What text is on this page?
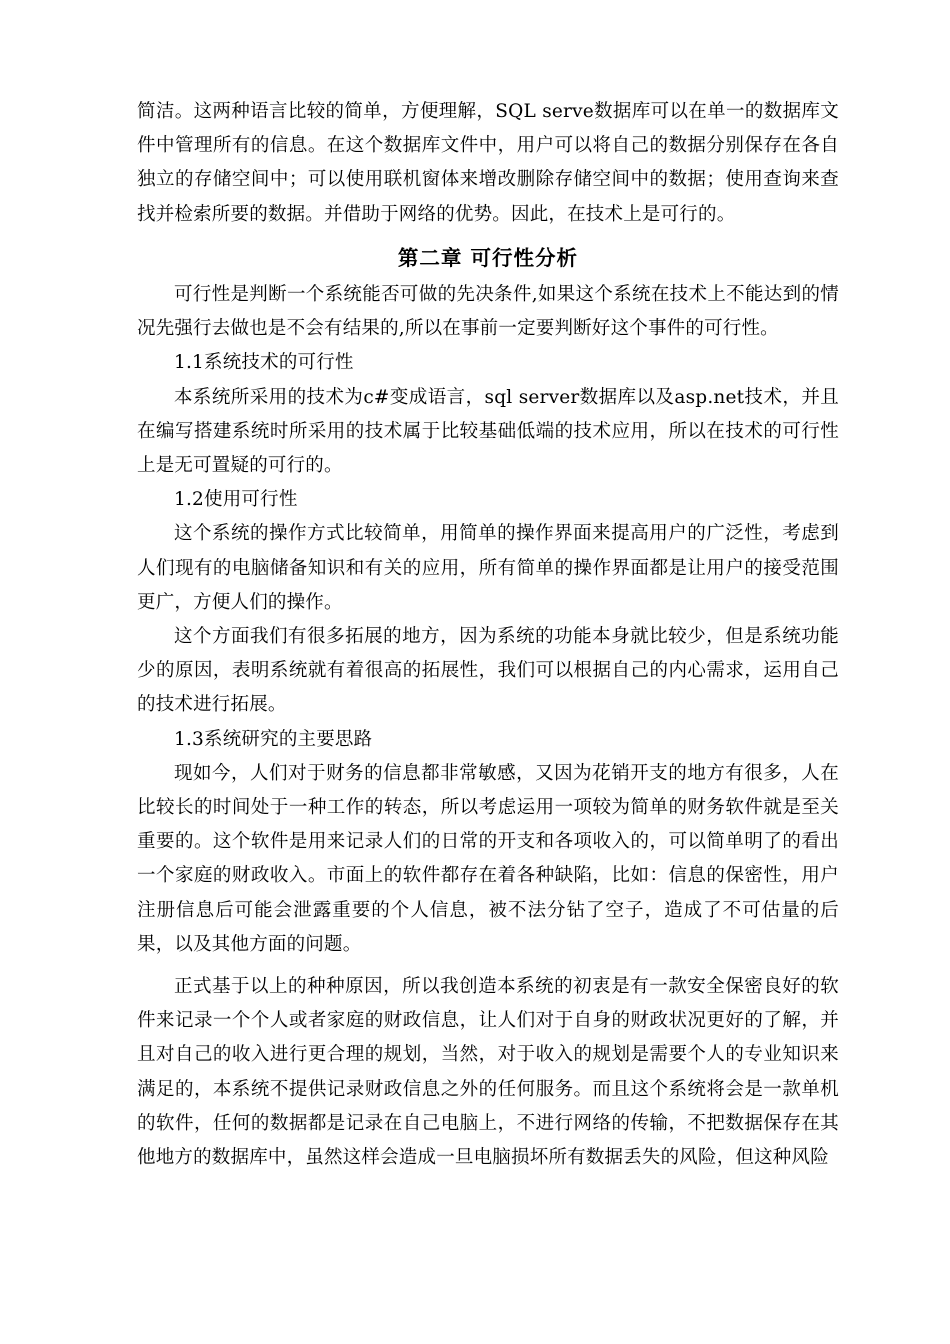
简洁。这两种语言比较的简单，方便理解，SQL serve数据库可以在单一的数据库文件中管理所有的信息。在这个数据库文件中，用户可以将自己的数据分别保存在各自独立的存储空间中；可以使用联机窗体来增改删除存储空间中的数据；使用查询来查找并检索所要的数据。并借助于网络的优势。因此，在技术上是可行的。

第二章 可行性分析

可行性是判断一个系统能否可做的先决条件,如果这个系统在技术上不能达到的情况先强行去做也是不会有结果的,所以在事前一定要判断好这个事件的可行性。

1.1系统技术的可行性

本系统所采用的技术为c#变成语言，sql server数据库以及asp.net技术，并且在编写搭建系统时所采用的技术属于比较基础低端的技术应用，所以在技术的可行性上是无可置疑的可行的。

1.2使用可行性

这个系统的操作方式比较简单，用简单的操作界面来提高用户的广泛性，考虑到人们现有的电脑储备知识和有关的应用，所有简单的操作界面都是让用户的接受范围更广，方便人们的操作。

这个方面我们有很多拓展的地方，因为系统的功能本身就比较少，但是系统功能少的原因，表明系统就有着很高的拓展性，我们可以根据自己的内心需求，运用自己的技术进行拓展。

1.3系统研究的主要思路

现如今，人们对于财务的信息都非常敏感，又因为花销开支的地方有很多，人在比较长的时间处于一种工作的转态，所以考虑运用一项较为简单的财务软件就是至关重要的。这个软件是用来记录人们的日常的开支和各项收入的，可以简单明了的看出一个家庭的财政收入。市面上的软件都存在着各种缺陷，比如：信息的保密性，用户注册信息后可能会泄露重要的个人信息，被不法分钻了空子，造成了不可估量的后果，以及其他方面的问题。

正式基于以上的种种原因，所以我创造本系统的初衷是有一款安全保密良好的软件来记录一个个人或者家庭的财政信息，让人们对于自身的财政状况更好的了解，并且对自己的收入进行更合理的规划，当然，对于收入的规划是需要个人的专业知识来满足的，本系统不提供记录财政信息之外的任何服务。而且这个系统将会是一款单机的软件，任何的数据都是记录在自己电脑上，不进行网络的传输，不把数据保存在其他地方的数据库中，虽然这样会造成一旦电脑损坏所有数据丢失的风险，但这种风险
